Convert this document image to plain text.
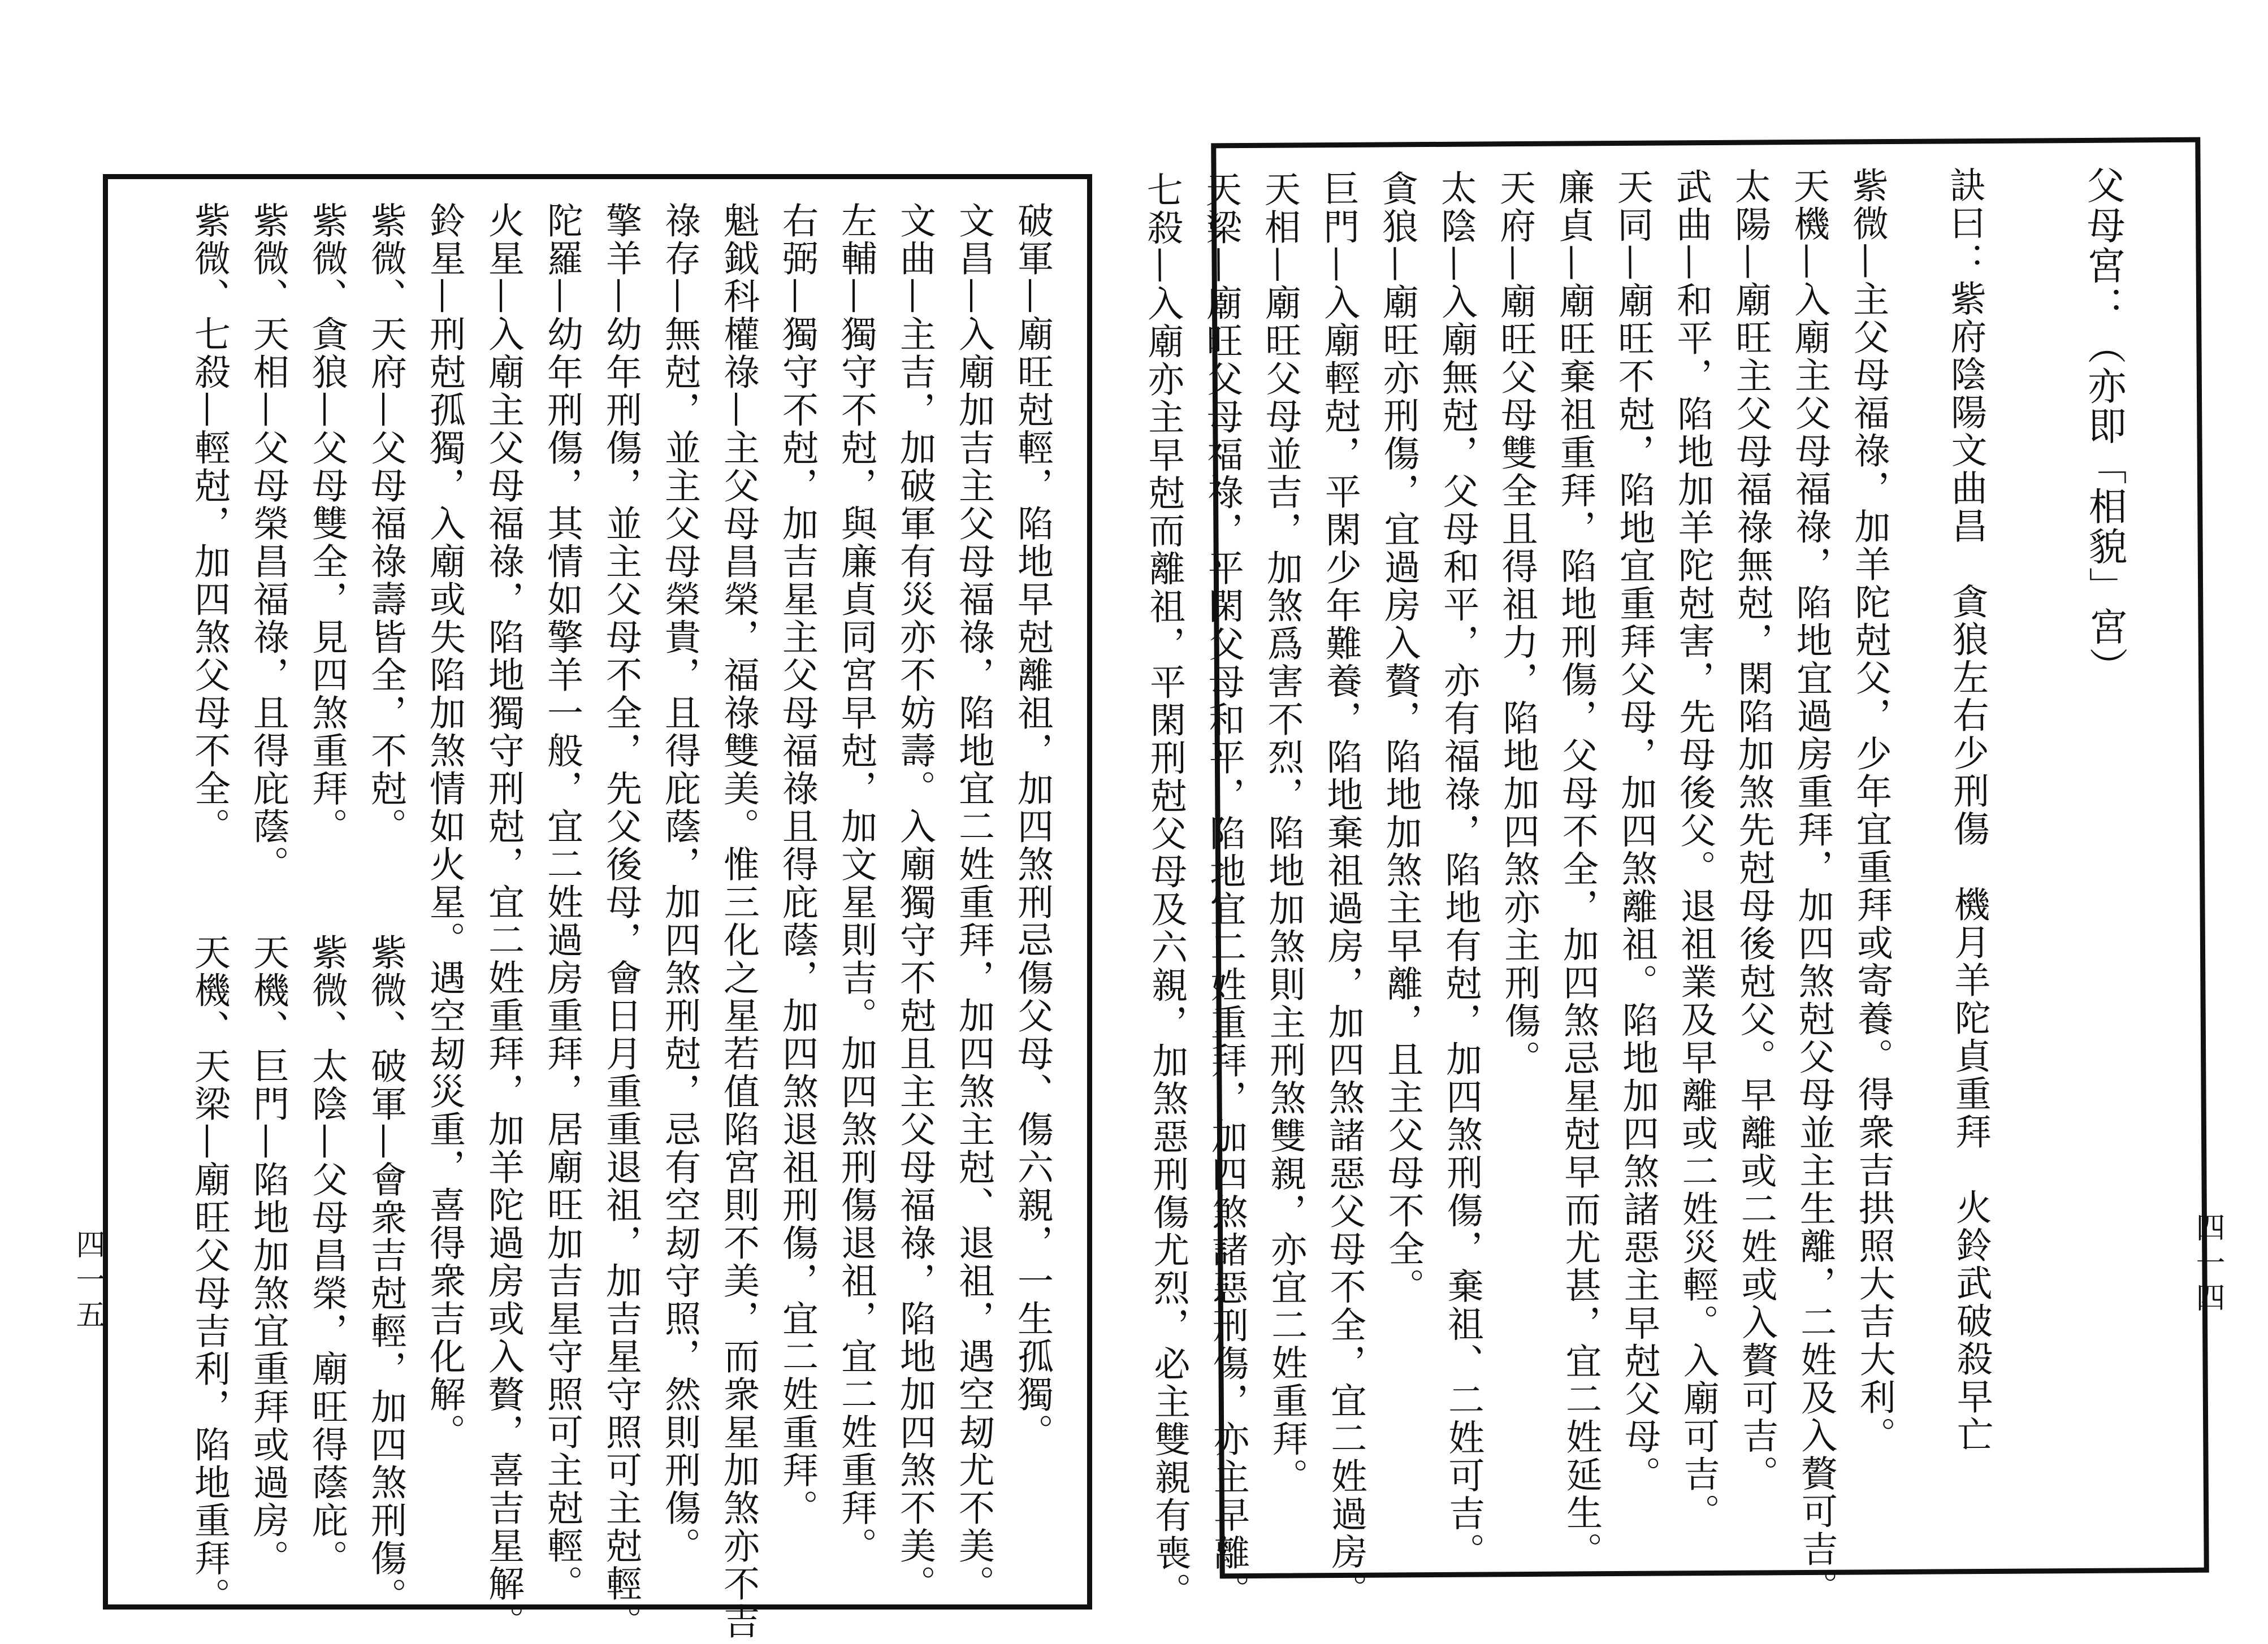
破軍—廟旺尅輕，陷地早尅離祖，加四煞刑忌傷父母、傷六親，一生孤獨。
文昌—入廟加吉主父母福祿，陷地宜二姓重拜，加四煞主尅、退祖，遇空刼尤不美。
文曲—主吉，加破軍有災亦不妨壽。入廟獨守不尅且主父母福祿，陷地加四煞不美。
左輔—獨守不尅，與廉貞同宮早尅，加文星則吉。加四煞刑傷退祖，宜二姓重拜。
右弼—獨守不尅，加吉星主父母福祿且得庇蔭，加四煞退祖刑傷，宜二姓重拜。
魁鉞科權祿—主父母昌榮，福祿雙美。惟三化之星若值陷宮則不美，而衆星加煞亦不吉
祿存—無尅，並主父母榮貴，且得庇蔭，加四煞刑尅，忌有空刼守照，然則刑傷。
擎羊—幼年刑傷，並主父母不全，先父後母，會日月重重退祖，加吉星守照可主尅輕。
陀羅—幼年刑傷，其情如擎羊一般，宜二姓過房重拜，居廟旺加吉星守照可主尅輕。
火星—入廟主父母福祿，陷地獨守刑尅，宜二姓重拜，加羊陀過房或入贅，喜吉星解。
鈴星—刑尅孤獨，入廟或失陷加煞情如火星。遇空刼災重，喜得衆吉化解。
紫微、天府—父母福祿壽皆全，不尅。
紫微、貪狼—父母雙全，見四煞重拜。
紫微、天相—父母榮昌福祿，且得庇蔭。
紫微、七殺—輕尅，加四煞父母不全。
紫微、破軍—會衆吉尅輕，加四煞刑傷。
紫微、太陰—父母昌榮，廟旺得蔭庇。
天機、巨門—陷地加煞宜重拜或過房。
天機、天梁—廟旺父母吉利，陷地重拜。
四一五
父母宮：（亦即「相貌」宮）
訣曰：紫府陰陽文曲昌　貪狼左右少刑傷　機月羊陀貞重拜　火鈴武破殺早亡
紫微—主父母福祿，加羊陀尅父，少年宜重拜或寄養。得衆吉拱照大吉大利。
天機—入廟主父母福祿，陷地宜過房重拜，加四煞尅父母並主生離，二姓及入贅可吉。
太陽—廟旺主父母福祿無尅，閑陷加煞先尅母後尅父。早離或二姓或入贅可吉。
武曲—和平，陷地加羊陀尅害，先母後父。退祖業及早離或二姓災輕。入廟可吉。
天同—廟旺不尅，陷地宜重拜父母，加四煞離祖。陷地加四煞諸惡主早尅父母。
廉貞—廟旺棄祖重拜，陷地刑傷，父母不全，加四煞忌星尅早而尤甚，宜二姓延生。
天府—廟旺父母雙全且得祖力，陷地加四煞亦主刑傷。
太陰—入廟無尅，父母和平，亦有福祿，陷地有尅，加四煞刑傷，棄祖、二姓可吉。
貪狼—廟旺亦刑傷，宜過房入贅，陷地加煞主早離，且主父母不全。
巨門—入廟輕尅，平閑少年難養，陷地棄祖過房，加四煞諸惡父母不全，宜二姓過房。
天相—廟旺父母並吉，加煞爲害不烈，陷地加煞則主刑煞雙親，亦宜二姓重拜。
天梁—廟旺父母福祿，平閑父母和平，陷地宜二姓重拜，加四煞諸惡刑傷，亦主早離。
七殺—入廟亦主早尅而離祖，平閑刑尅父母及六親，加煞惡刑傷尤烈，必主雙親有喪。	四一四
